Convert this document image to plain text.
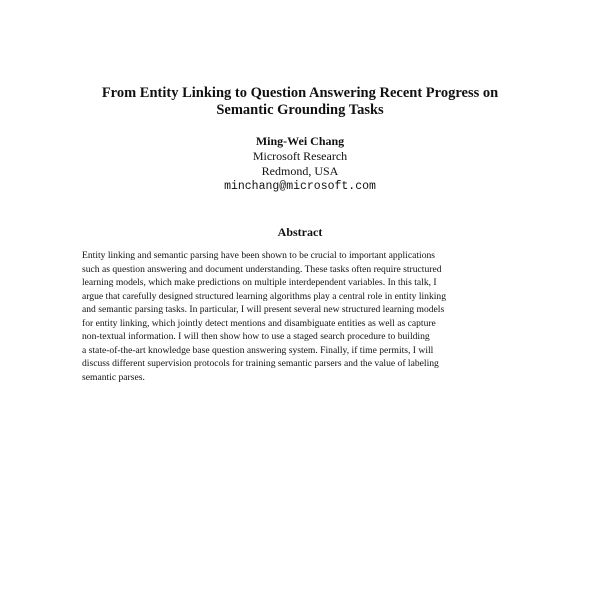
From Entity Linking to Question Answering Recent Progress on
Semantic Grounding Tasks
Ming-Wei Chang
Microsoft Research
Redmond, USA
minchang@microsoft.com
Abstract

Entity linking and semantic parsing have been shown to be crucial to important applications
such as question answering and document understanding. These tasks often require structured
learning models, which make predictions on multiple interdependent variables. In this talk, I
argue that carefully designed structured learning algorithms play a central role in entity linking
and semantic parsing tasks. In particular, I will present several new structured learning models
for entity linking, which jointly detect mentions and disambiguate entities as well as capture
non-textual information. I will then show how to use a staged search procedure to building
a state-of-the-art knowledge base question answering system. Finally, if time permits, I will
discuss different supervision protocols for training semantic parsers and the value of labeling
semantic parses.
